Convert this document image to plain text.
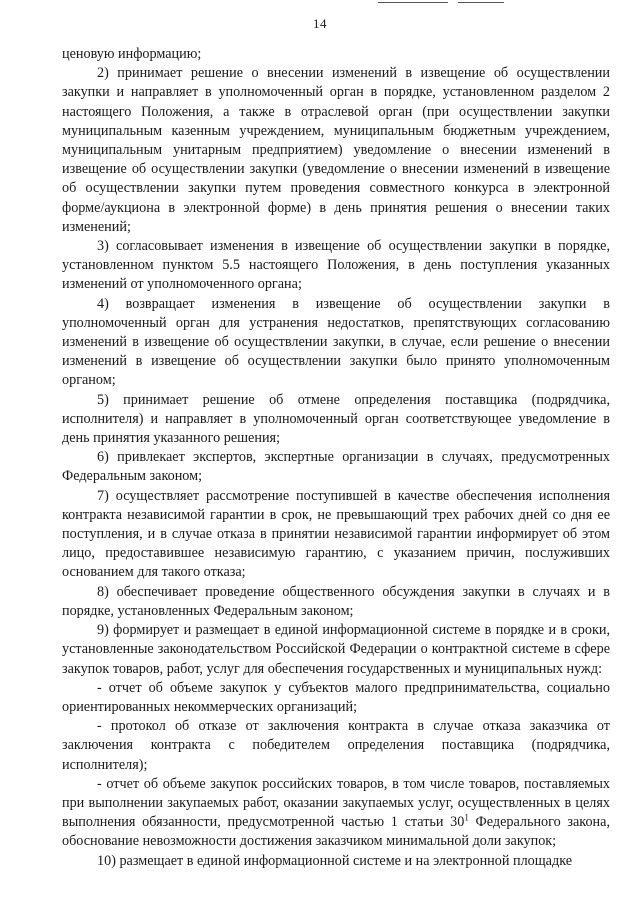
14

ценовую информацию;

2) принимает решение о внесении изменений в извещение об осуществлении закупки и направляет в уполномоченный орган в порядке, установленном разделом 2 настоящего Положения, а также в отраслевой орган (при осуществлении закупки муниципальным казенным учреждением, муниципальным бюджетным учреждением, муниципальным унитарным предприятием) уведомление о внесении изменений в извещение об осуществлении закупки (уведомление о внесении изменений в извещение об осуществлении закупки путем проведения совместного конкурса в электронной форме/аукциона в электронной форме) в день принятия решения о внесении таких изменений;

3) согласовывает изменения в извещение об осуществлении закупки в порядке, установленном пунктом 5.5 настоящего Положения, в день поступления указанных изменений от уполномоченного органа;

4) возвращает изменения в извещение об осуществлении закупки в уполномоченный орган для устранения недостатков, препятствующих согласованию изменений в извещение об осуществлении закупки, в случае, если решение о внесении изменений в извещение об осуществлении закупки было принято уполномоченным органом;

5) принимает решение об отмене определения поставщика (подрядчика, исполнителя) и направляет в уполномоченный орган соответствующее уведомление в день принятия указанного решения;

6) привлекает экспертов, экспертные организации в случаях, предусмотренных Федеральным законом;

7) осуществляет рассмотрение поступившей в качестве обеспечения исполнения контракта независимой гарантии в срок, не превышающий трех рабочих дней со дня ее поступления, и в случае отказа в принятии независимой гарантии информирует об этом лицо, предоставившее независимую гарантию, с указанием причин, послуживших основанием для такого отказа;

8) обеспечивает проведение общественного обсуждения закупки в случаях и в порядке, установленных Федеральным законом;

9) формирует и размещает в единой информационной системе в порядке и в сроки, установленные законодательством Российской Федерации о контрактной системе в сфере закупок товаров, работ, услуг для обеспечения государственных и муниципальных нужд:

- отчет об объеме закупок у субъектов малого предпринимательства, социально ориентированных некоммерческих организаций;

- протокол об отказе от заключения контракта в случае отказа заказчика от заключения контракта с победителем определения поставщика (подрядчика, исполнителя);

- отчет об объеме закупок российских товаров, в том числе товаров, поставляемых при выполнении закупаемых работ, оказании закупаемых услуг, осуществленных в целях выполнения обязанности, предусмотренной частью 1 статьи $30^1$ Федерального закона, обоснование невозможности достижения заказчиком минимальной доли закупок;

10) размещает в единой информационной системе и на электронной площадке
